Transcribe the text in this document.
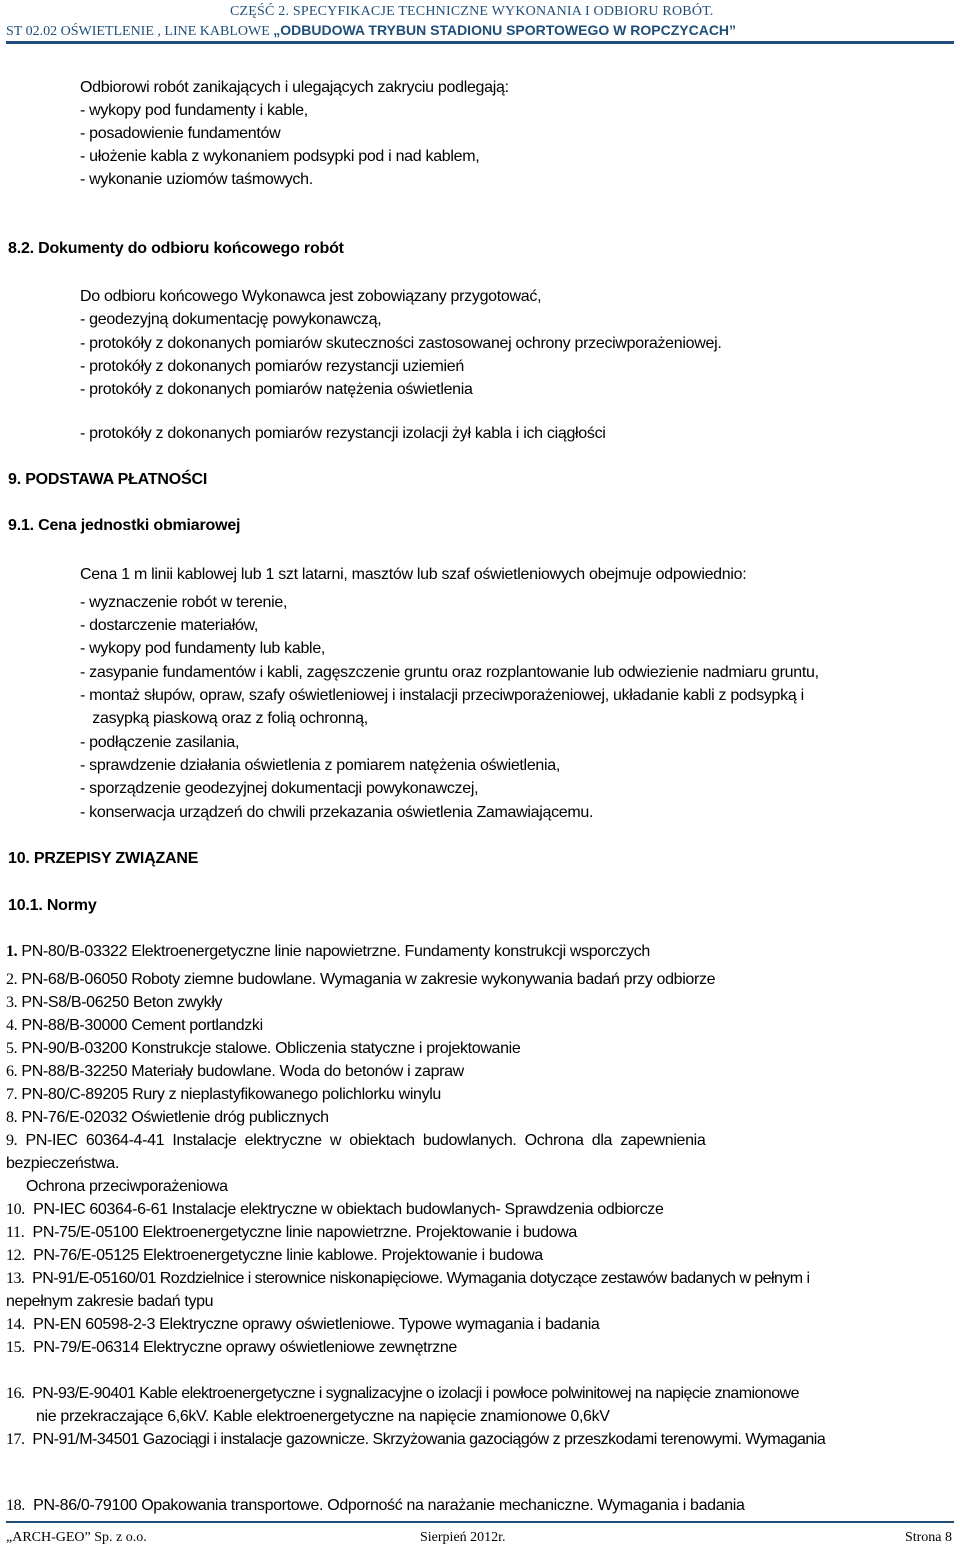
CZĘŚĆ 2. SPECYFIKACJE TECHNICZNE WYKONANIA I ODBIORU ROBÓT.
ST 02.02 OŚWIETLENIE , LINE KABLOWE „ODBUDOWA TRYBUN STADIONU SPORTOWEGO W ROPCZYCACH”
Odbiorowi robót zanikających i ulegających zakryciu podlegają:
- wykopy pod fundamenty i kable,
- posadowienie fundamentów
- ułożenie kabla z wykonaniem podsypki pod i nad kablem,
- wykonanie uziomów taśmowych.
8.2. Dokumenty do odbioru końcowego robót
Do odbioru końcowego Wykonawca jest zobowiązany przygotować,
- geodezyjną dokumentację powykonawczą,
- protokóły z dokonanych pomiarów skuteczności zastosowanej ochrony przeciwporażeniowej.
- protokóły z dokonanych pomiarów rezystancji uziemień
- protokóły z dokonanych pomiarów natężenia oświetlenia
- protokóły z dokonanych pomiarów rezystancji izolacji żył kabla i ich ciągłości
9. PODSTAWA PŁATNOŚCI
9.1. Cena jednostki obmiarowej
Cena 1 m linii kablowej lub 1 szt latarni, masztów lub szaf oświetleniowych obejmuje odpowiednio:
- wyznaczenie robót w terenie,
- dostarczenie materiałów,
- wykopy pod fundamenty lub kable,
- zasypanie fundamentów i kabli, zagęszczenie gruntu oraz rozplantowanie lub odwiezienie nadmiaru gruntu,
- montaż słupów, opraw, szafy oświetleniowej i instalacji przeciwporażeniowej, układanie kabli z podsypką i
zasypką piaskową oraz z folią ochronną,
- podłączenie zasilania,
- sprawdzenie działania oświetlenia z pomiarem natężenia oświetlenia,
- sporządzenie geodezyjnej dokumentacji powykonawczej,
- konserwacja urządzeń do chwili przekazania oświetlenia Zamawiającemu.
10. PRZEPISY ZWIĄZANE
10.1. Normy
1. PN-80/B-03322 Elektroenergetyczne linie napowietrzne. Fundamenty konstrukcji wsporczych
2. PN-68/B-06050 Roboty ziemne budowlane. Wymagania w zakresie wykonywania badań przy odbiorze
3. PN-S8/B-06250 Beton zwykły
4. PN-88/B-30000 Cement portlandzki
5. PN-90/B-03200 Konstrukcje stalowe. Obliczenia statyczne i projektowanie
6. PN-88/B-32250 Materiały budowlane. Woda do betonów i zapraw
7. PN-80/C-89205 Rury z nieplastyfikowanego polichlorku winylu
8. PN-76/E-02032 Oświetlenie dróg publicznych
9.  PN-IEC  60364-4-41  Instalacje  elektryczne  w  obiektach  budowlanych.  Ochrona  dla  zapewnienia
bezpieczeństwa.
Ochrona przeciwporażeniowa
10.  PN-IEC 60364-6-61 Instalacje elektryczne w obiektach budowlanych- Sprawdzenia odbiorcze
11.  PN-75/E-05100 Elektroenergetyczne linie napowietrzne. Projektowanie i budowa
12.  PN-76/E-05125 Elektroenergetyczne linie kablowe. Projektowanie i budowa
13.  PN-91/E-05160/01 Rozdzielnice i sterownice niskonapięciowe. Wymagania dotyczące zestawów badanych w pełnym i
nepełnym zakresie badań typu
14.  PN-EN 60598-2-3 Elektryczne oprawy oświetleniowe. Typowe wymagania i badania
15.  PN-79/E-06314 Elektryczne oprawy oświetleniowe zewnętrzne
16.  PN-93/E-90401 Kable elektroenergetyczne i sygnalizacyjne o izolacji i powłoce polwinitowej na napięcie znamionowe
nie przekraczające 6,6kV. Kable elektroenergetyczne na napięcie znamionowe 0,6kV
17.  PN-91/M-34501 Gazociągi i instalacje gazownicze. Skrzyżowania gazociągów z przeszkodami terenowymi. Wymagania
18.  PN-86/0-79100 Opakowania transportowe. Odporność na narażanie mechaniczne. Wymagania i badania
„ARCH-GEO” Sp. z o.o.	Sierpień 2012r.	Strona 8
